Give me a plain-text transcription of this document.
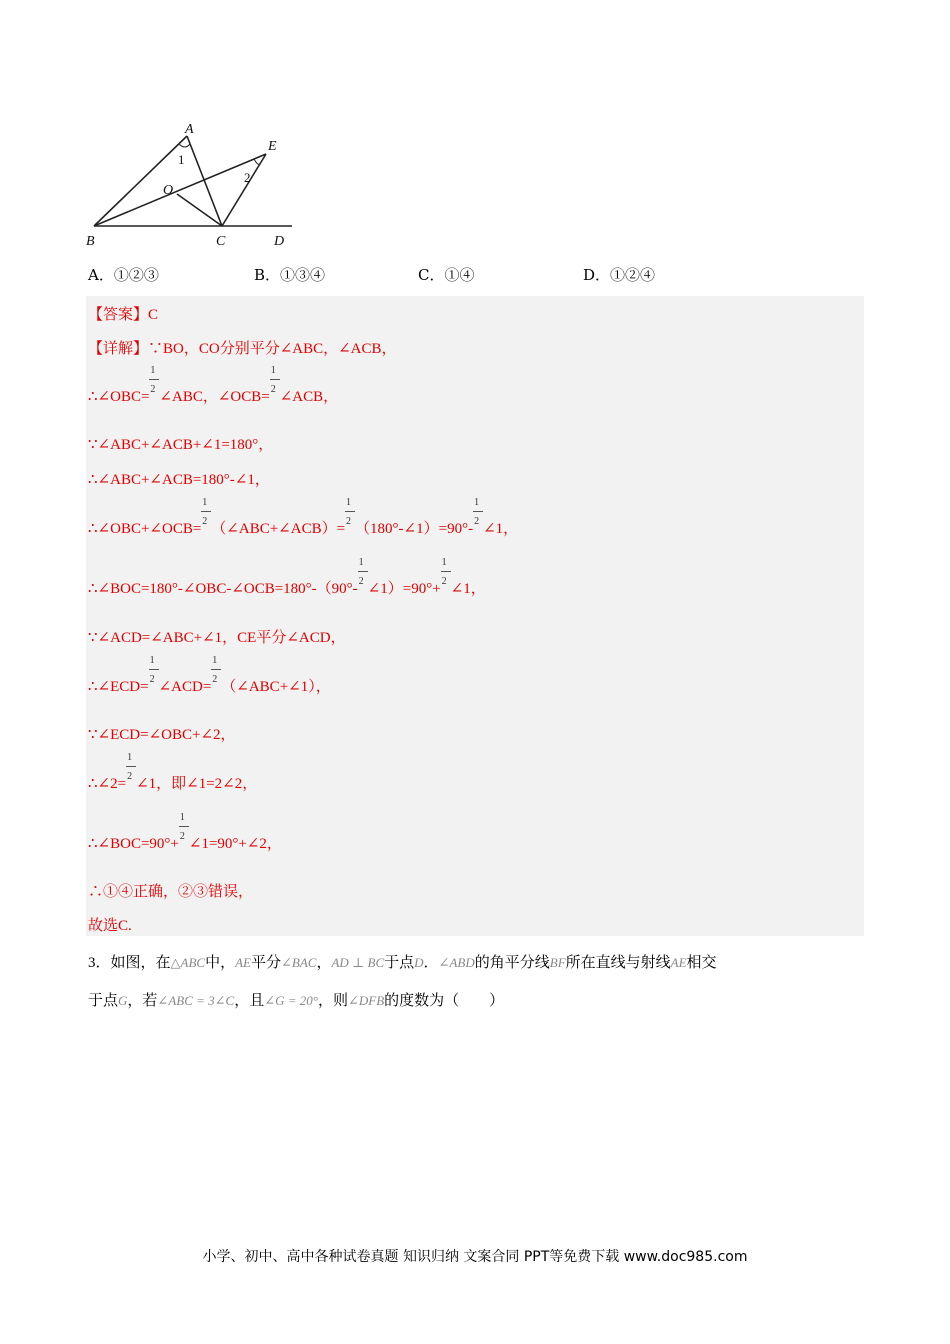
A
B	C	D
E
O
1
2
A．①②③	B．①③④	C．①④	D．①②④
【答案】C
【详解】∵BO，CO分别平分∠ABC，∠ACB，
∴∠OBC= $\frac{1}{2}$ ∠ABC，∠OCB= $\frac{1}{2}$ ∠ACB，
∵∠ABC+∠ACB+∠1=180°，
∴∠ABC+∠ACB=180°-∠1，
∴∠OBC+∠OCB= $\frac{1}{2}$ （∠ABC+∠ACB）= $\frac{1}{2}$ （180°-∠1）=90°- $\frac{1}{2}$ ∠1，
∴∠BOC=180°-∠OBC-∠OCB=180°-（90°- $\frac{1}{2}$ ∠1）=90°+ $\frac{1}{2}$ ∠1，
∵∠ACD=∠ABC+∠1，CE平分∠ACD，
∴∠ECD= $\frac{1}{2}$ ∠ACD= $\frac{1}{2}$ （∠ABC+∠1），
∵∠ECD=∠OBC+∠2，
∴∠2= $\frac{1}{2}$ ∠1，即∠1=2∠2，
∴∠BOC=90°+ $\frac{1}{2}$ ∠1=90°+∠2，
∴①④正确，②③错误，
故选C.
3．如图，在△ABC中，AE平分∠BAC，AD ⊥ BC于点D．∠ABD的角平分线BF所在直线与射线AE相交
于点G，若∠ABC = 3∠C，且∠G = 20°，则∠DFB的度数为（　　）
小学、初中、高中各种试卷真题 知识归纳 文案合同 PPT等免费下载 www.doc985.com
